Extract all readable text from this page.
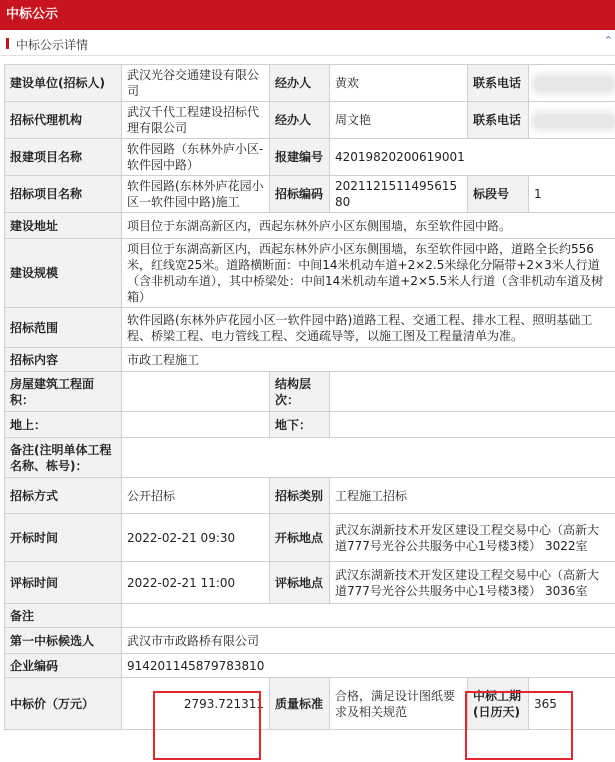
中标公示
中标公示详情	⌃
建设单位(招标人)	武汉光谷交通建设有限公司	经办人	黄欢	联系电话	
招标代理机构	武汉千代工程建设招标代理有限公司	经办人	周文艳	联系电话	
报建项目名称	软件园路（东林外庐小区-软件园中路）	报建编号	42019820200619001		
招标项目名称	软件园路(东林外庐花园小区一软件园中路)施工	招标编码	202112151149561580	标段号	1
建设地址	项目位于东湖高新区内，西起东林外庐小区东侧围墙，东至软件园中路。				
建设规模	项目位于东湖高新区内，西起东林外庐小区东侧围墙，东至软件园中路，道路全长约556米，红线宽25米。道路横断面：中间14米机动车道+2×2.5米绿化分隔带+2×3米人行道（含非机动车道），其中桥梁处：中间14米机动车道+2×5.5米人行道（含非机动车道及树箱）				
招标范围	软件园路(东林外庐花园小区一软件园中路)道路工程、交通工程、排水工程、照明基础工程、桥梁工程、电力管线工程、交通疏导等，以施工图及工程量清单为准。				
招标内容	市政工程施工				
房屋建筑工程面积：		结构层次：			
地上：		地下：			
备注(注明单体工程名称、栋号)：					
招标方式	公开招标	招标类别	工程施工招标		
开标时间	2022-02-21 09:30	开标地点	武汉东湖新技术开发区建设工程交易中心（高新大道777号光谷公共服务中心1号楼3楼） 3022室		
评标时间	2022-02-21 11:00	评标地点	武汉东湖新技术开发区建设工程交易中心（高新大道777号光谷公共服务中心1号楼3楼） 3036室		
备注					
第一中标候选人	武汉市市政路桥有限公司				
企业编码	914201145879783810				
中标价（万元）	2793.721311	质量标准	合格，满足设计图纸要求及相关规范	中标工期(日历天)	365
